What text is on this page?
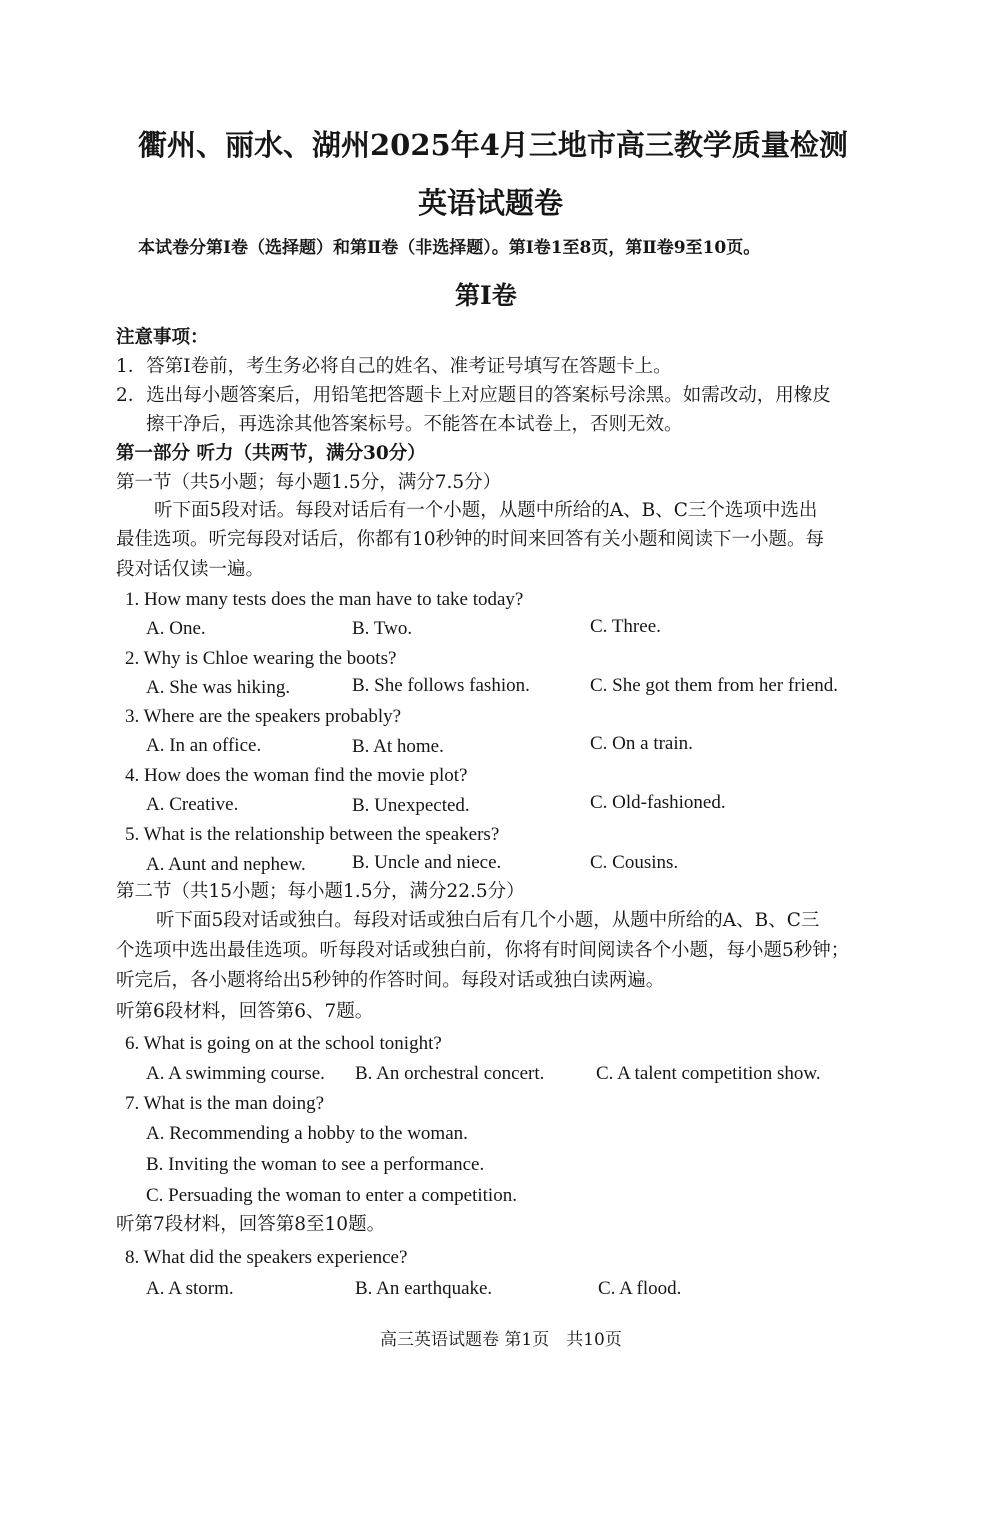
衢州、丽水、湖州2025年4月三地市高三教学质量检测
英语试题卷
本试卷分第Ⅰ卷（选择题）和第Ⅱ卷（非选择题）。第Ⅰ卷1至8页，第Ⅱ卷9至10页。
第Ⅰ卷
注意事项：
1．答第Ⅰ卷前，考生务必将自己的姓名、准考证号填写在答题卡上。
2．选出每小题答案后，用铅笔把答题卡上对应题目的答案标号涂黑。如需改动，用橡皮
擦干净后，再选涂其他答案标号。不能答在本试卷上，否则无效。
第一部分 听力（共两节，满分30分）
第一节（共5小题；每小题1.5分，满分7.5分）
听下面5段对话。每段对话后有一个小题，从题中所给的A、B、C三个选项中选出
最佳选项。听完每段对话后，你都有10秒钟的时间来回答有关小题和阅读下一小题。每
段对话仅读一遍。
1. How many tests does the man have to take today?
A. One.	B. Two.	C. Three.
2. Why is Chloe wearing the boots?
A. She was hiking.	B. She follows fashion.	C. She got them from her friend.
3. Where are the speakers probably?
A. In an office.	B. At home.	C. On a train.
4. How does the woman find the movie plot?
A. Creative.	B. Unexpected.	C. Old-fashioned.
5. What is the relationship between the speakers?
A. Aunt and nephew. B. Uncle and niece.	C. Cousins.
第二节（共15小题；每小题1.5分，满分22.5分）
听下面5段对话或独白。每段对话或独白后有几个小题，从题中所给的A、B、C三
个选项中选出最佳选项。听每段对话或独白前，你将有时间阅读各个小题，每小题5秒钟；
听完后，各小题将给出5秒钟的作答时间。每段对话或独白读两遍。
听第6段材料，回答第6、7题。
6. What is going on at the school tonight?
A. A swimming course. B. An orchestral concert.	C. A talent competition show.
7. What is the man doing?
A. Recommending a hobby to the woman.
B. Inviting the woman to see a performance.
C. Persuading the woman to enter a competition.
听第7段材料，回答第8至10题。
8. What did the speakers experience?
A. A storm.	B. An earthquake.	C. A flood.
高三英语试题卷 第1页　共10页
